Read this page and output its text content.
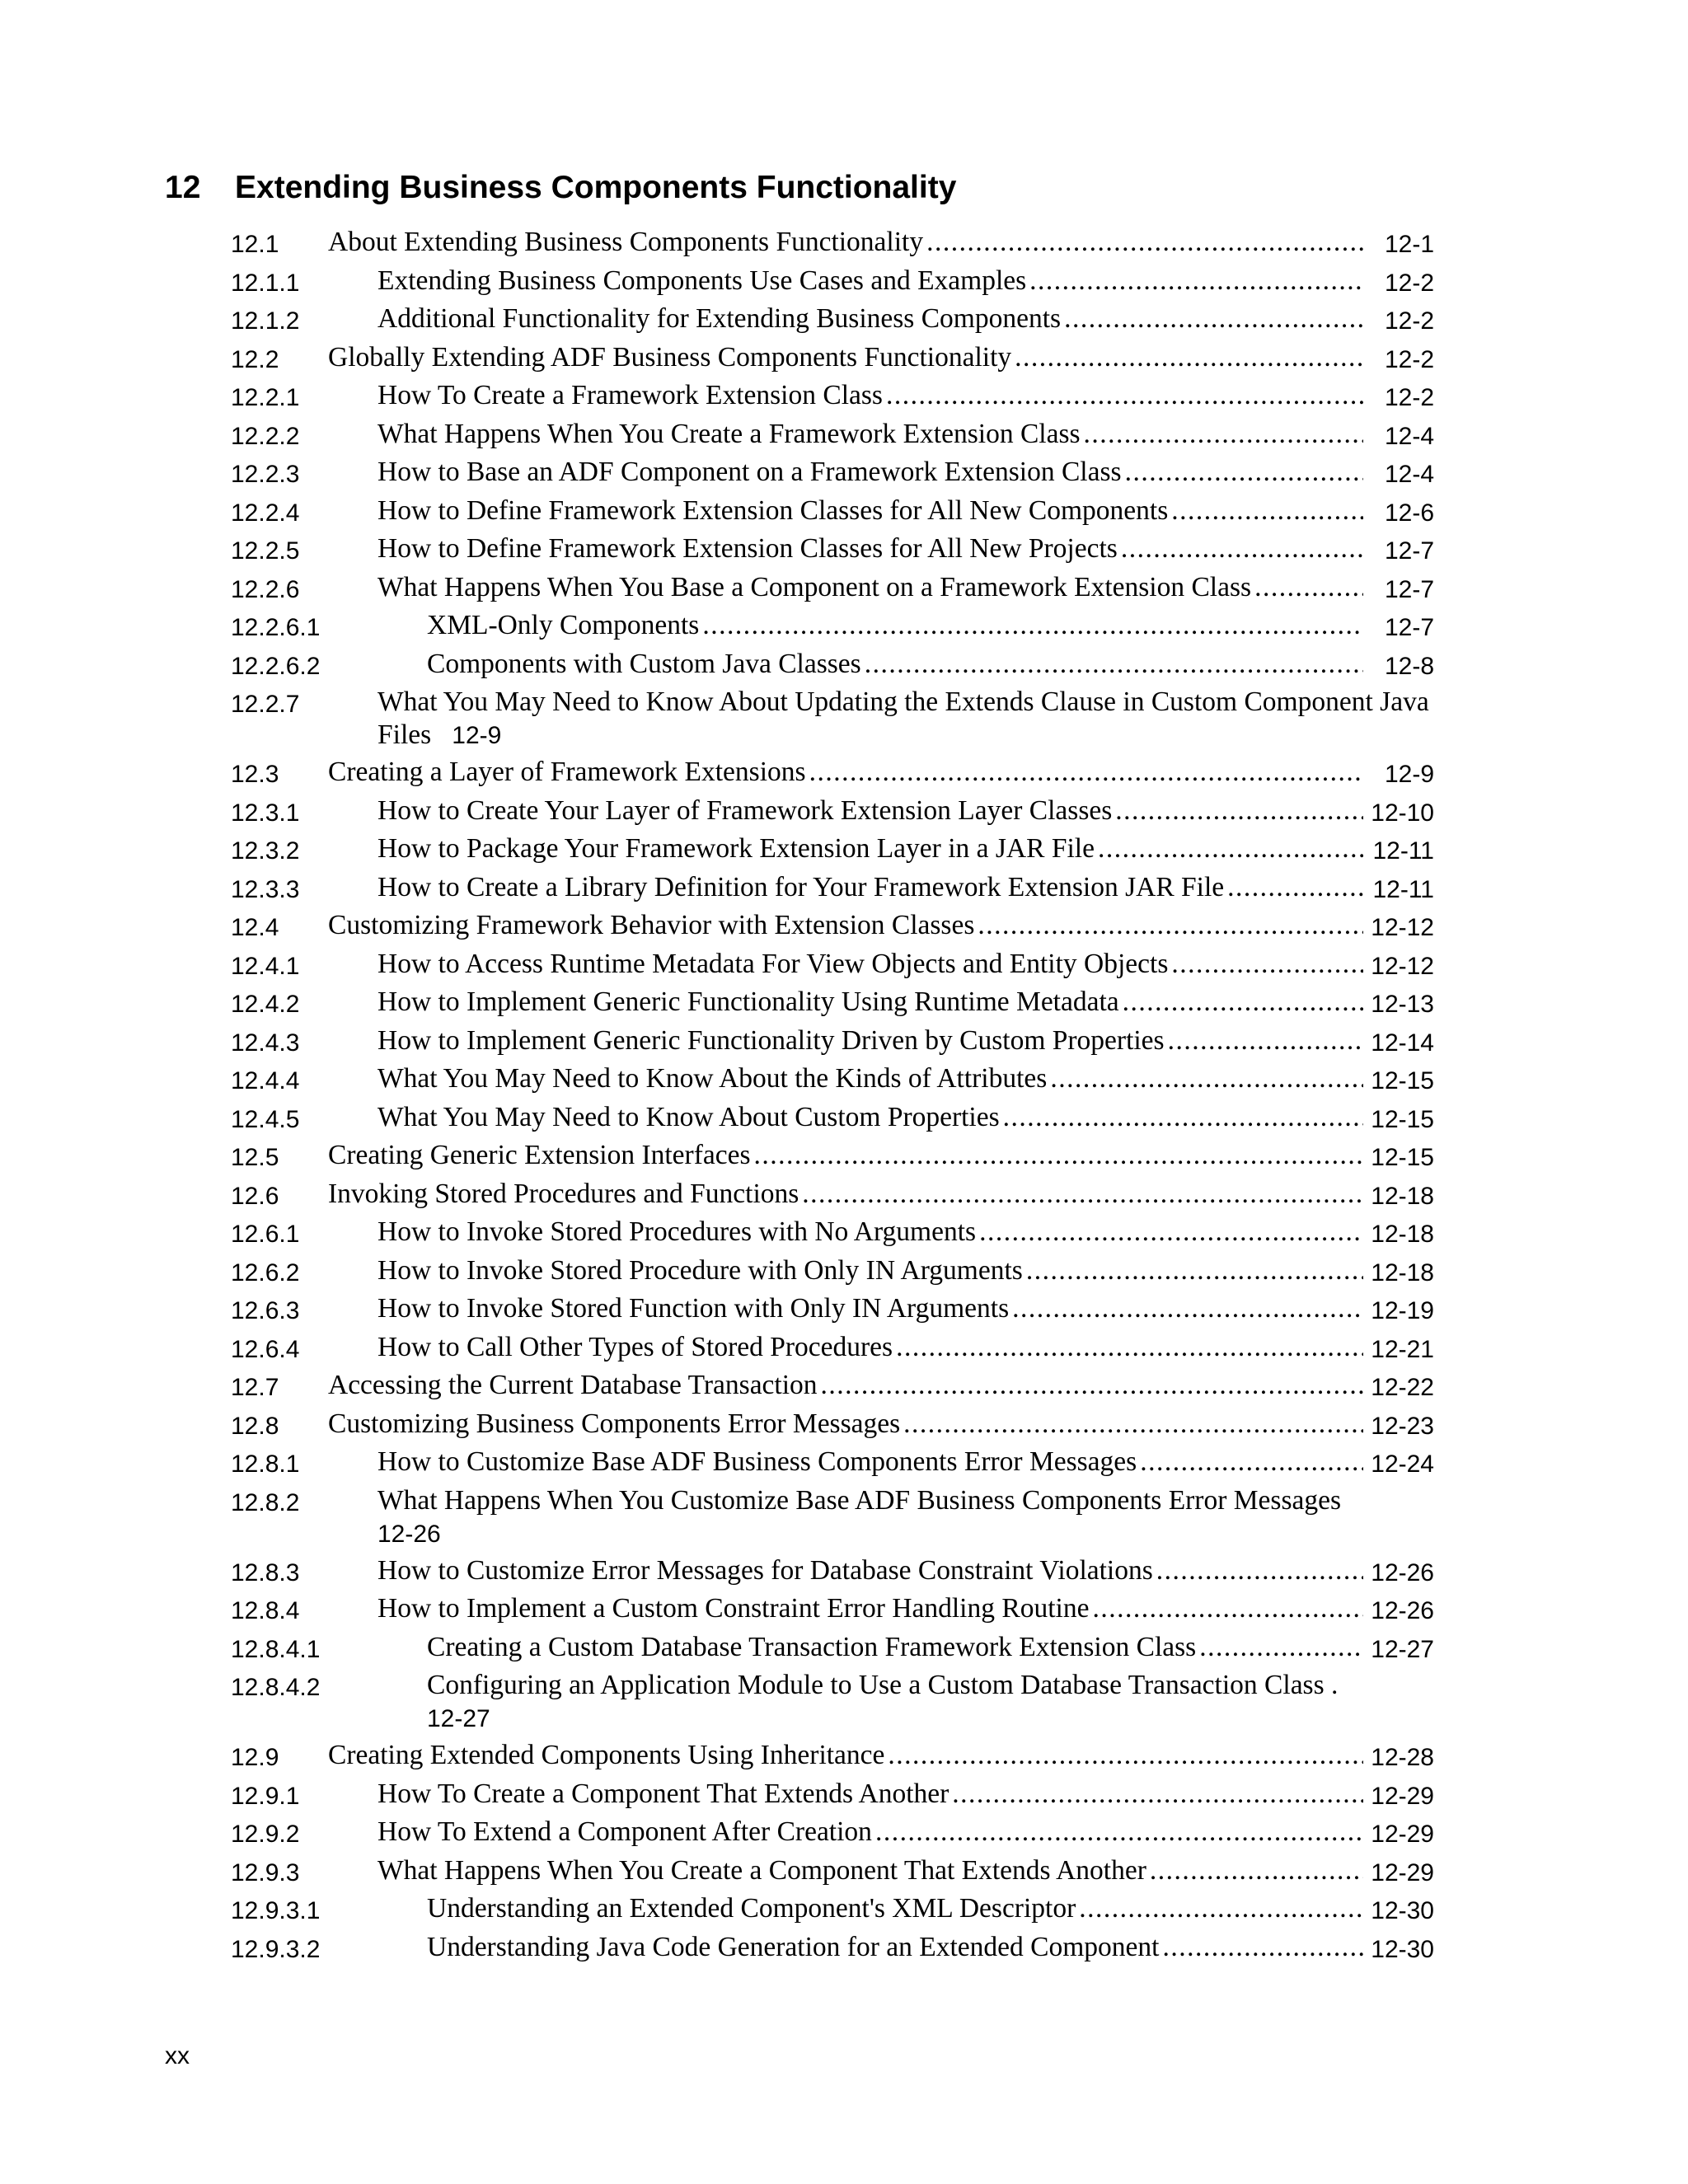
12	Extending Business Components Functionality
12.1 About Extending Business Components Functionality .....	12-1
12.1.1	Extending Business Components Use Cases and Examples .....	12-2
12.1.2	Additional Functionality for Extending Business Components .....	12-2
12.2 Globally Extending ADF Business Components Functionality .....	12-2
12.2.1	How To Create a Framework Extension Class .....	12-2
12.2.2	What Happens When You Create a Framework Extension Class .....	12-4
12.2.3	How to Base an ADF Component on a Framework Extension Class .....	12-4
12.2.4	How to Define Framework Extension Classes for All New Components .....	12-6
12.2.5	How to Define Framework Extension Classes for All New Projects .....	12-7
12.2.6	What Happens When You Base a Component on a Framework Extension Class .....	12-7
12.2.6.1	XML-Only Components .....	12-7
12.2.6.2	Components with Custom Java Classes .....	12-8
12.2.7	What You May Need to Know About Updating the Extends Clause in Custom Component Java Files 12-9
12.3 Creating a Layer of Framework Extensions .....	12-9
12.3.1	How to Create Your Layer of Framework Extension Layer Classes .....	12-10
12.3.2	How to Package Your Framework Extension Layer in a JAR File .....	12-11
12.3.3	How to Create a Library Definition for Your Framework Extension JAR File .....	12-11
12.4 Customizing Framework Behavior with Extension Classes .....	12-12
12.4.1	How to Access Runtime Metadata For View Objects and Entity Objects .....	12-12
12.4.2	How to Implement Generic Functionality Using Runtime Metadata .....	12-13
12.4.3	How to Implement Generic Functionality Driven by Custom Properties .....	12-14
12.4.4	What You May Need to Know About the Kinds of Attributes .....	12-15
12.4.5	What You May Need to Know About Custom Properties .....	12-15
12.5 Creating Generic Extension Interfaces .....	12-15
12.6 Invoking Stored Procedures and Functions .....	12-18
12.6.1	How to Invoke Stored Procedures with No Arguments .....	12-18
12.6.2	How to Invoke Stored Procedure with Only IN Arguments .....	12-18
12.6.3	How to Invoke Stored Function with Only IN Arguments .....	12-19
12.6.4	How to Call Other Types of Stored Procedures .....	12-21
12.7 Accessing the Current Database Transaction .....	12-22
12.8 Customizing Business Components Error Messages .....	12-23
12.8.1	How to Customize Base ADF Business Components Error Messages .....	12-24
12.8.2	What Happens When You Customize Base ADF Business Components Error Messages
12-26
12.8.3	How to Customize Error Messages for Database Constraint Violations .....	12-26
12.8.4	How to Implement a Custom Constraint Error Handling Routine .....	12-26
12.8.4.1	Creating a Custom Database Transaction Framework Extension Class .....	12-27
12.8.4.2	Configuring an Application Module to Use a Custom Database Transaction Class .
12-27
12.9 Creating Extended Components Using Inheritance .....	12-28
12.9.1	How To Create a Component That Extends Another .....	12-29
12.9.2	How To Extend a Component After Creation .....	12-29
12.9.3	What Happens When You Create a Component That Extends Another .....	12-29
12.9.3.1	Understanding an Extended Component's XML Descriptor .....	12-30
12.9.3.2	Understanding Java Code Generation for an Extended Component .....	12-30
xx
